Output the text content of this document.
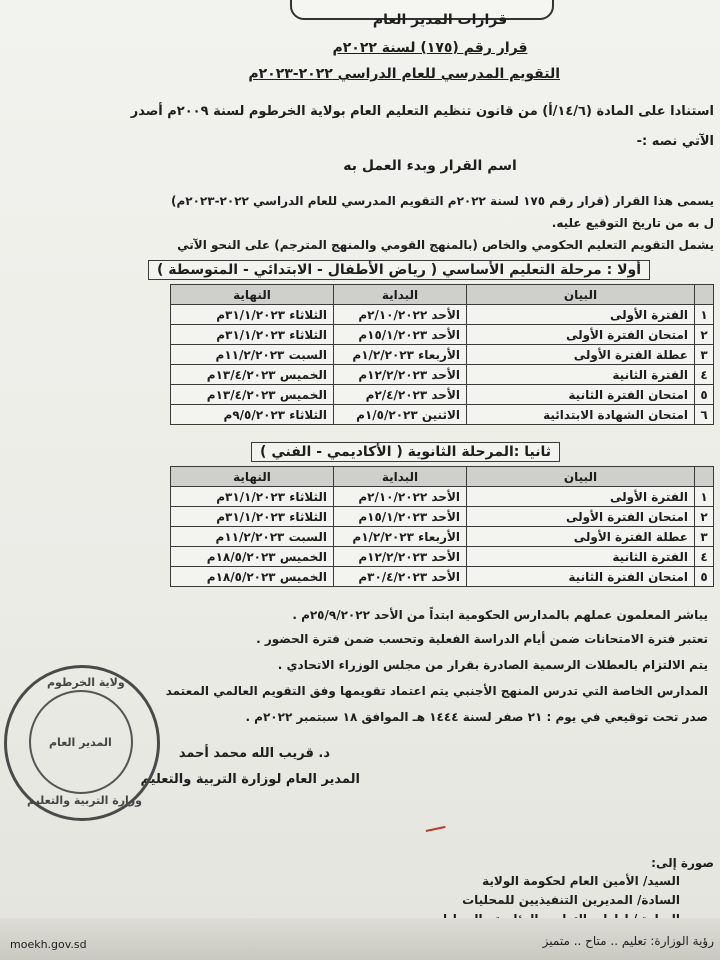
قرارات المدير العام
قرار رقم (١٧٥) لسنة ٢٠٢٢م
التقويم المدرسي للعام الدراسي ٢٠٢٢-٢٠٢٣م
استنادا على المادة (١٤/٦/أ) من قانون تنظيم التعليم العام بولاية الخرطوم لسنة ٢٠٠٩م أصدر
الآتي نصه :-
اسم القرار وبدء العمل به
يسمى هذا القرار (قرار رقم ١٧٥ لسنة ٢٠٢٢م التقويم المدرسي للعام الدراسي ٢٠٢٢-٢٠٢٣م)
ل به من تاريخ التوقيع عليه.
يشمل التقويم التعليم الحكومي والخاص (بالمنهج القومي والمنهج المترجم) على النحو الآتي
أولا : مرحلة التعليم الأساسي ( رياض الأطفال - الابتدائي - المتوسطة )
	البيان	البداية	النهاية
١	الفترة الأولى	الأحد ٢/١٠/٢٠٢٢م	الثلاثاء ٣١/١/٢٠٢٣م
٢	امتحان الفترة الأولى	الأحد ١٥/١/٢٠٢٣م	الثلاثاء ٣١/١/٢٠٢٣م
٣	عطلة الفترة الأولى	الأربعاء ١/٢/٢٠٢٣م	السبت ١١/٢/٢٠٢٣م
٤	الفترة الثانية	الأحد ١٢/٢/٢٠٢٣م	الخميس ١٣/٤/٢٠٢٣م
٥	امتحان الفترة الثانية	الأحد ٢/٤/٢٠٢٣م	الخميس ١٣/٤/٢٠٢٣م
٦	امتحان الشهادة الابتدائية	الاثنين ١/٥/٢٠٢٣م	الثلاثاء ٩/٥/٢٠٢٣م
ثانيا :المرحلة الثانوية ( الأكاديمي - الفني )
	البيان	البداية	النهاية
١	الفترة الأولى	الأحد ٢/١٠/٢٠٢٢م	الثلاثاء ٣١/١/٢٠٢٣م
٢	امتحان الفترة الأولى	الأحد ١٥/١/٢٠٢٣م	الثلاثاء ٣١/١/٢٠٢٣م
٣	عطلة الفترة الأولى	الأربعاء ١/٢/٢٠٢٣م	السبت ١١/٢/٢٠٢٣م
٤	الفترة الثانية	الأحد ١٢/٢/٢٠٢٣م	الخميس ١٨/٥/٢٠٢٣م
٥	امتحان الفترة الثانية	الأحد ٣٠/٤/٢٠٢٣م	الخميس ١٨/٥/٢٠٢٣م
يباشر المعلمون عملهم بالمدارس الحكومية ابتداً من الأحد ٢٥/٩/٢٠٢٢م .
تعتبر فترة الامتحانات ضمن أيام الدراسة الفعلية وتحسب ضمن فترة الحضور .
يتم الالتزام بالعطلات الرسمية الصادرة بقرار من مجلس الوزراء الاتحادي .
المدارس الخاصة التي تدرس المنهج الأجنبي يتم اعتماد تقويمها وفق التقويم العالمي المعتمد
صدر تحت توقيعي في يوم : ٢١ صفر لسنة ١٤٤٤ هـ الموافق ١٨ سبتمبر ٢٠٢٢م .
د. قريب الله محمد أحمد
المدير العام لوزارة التربية والتعليم
ولاية الخرطوم
المدير العام
وزارة التربية والتعليم
صورة إلى:
السيد/ الأمين العام لحكومة الولاية
السادة/ المديرين التنفيذيين للمحليات
رؤية الوزارة: تعليم .. متاح .. متميز
moekh.gov.sd
